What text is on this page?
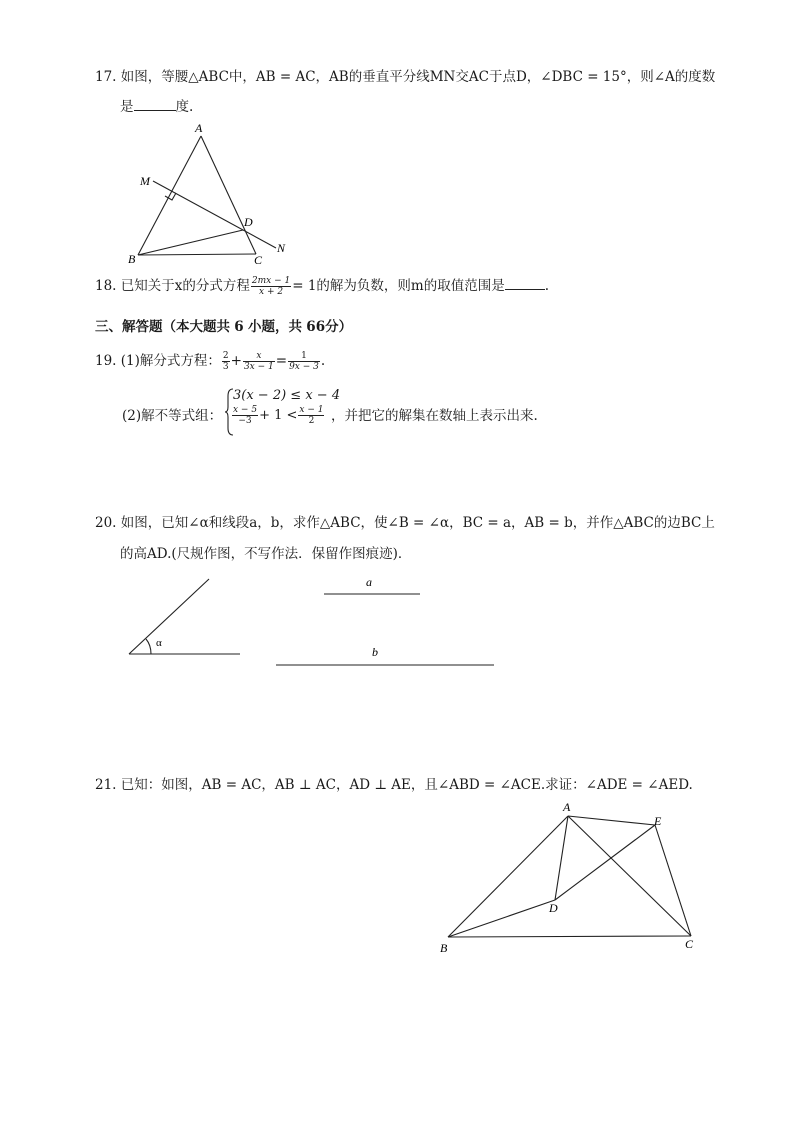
17. 如图，等腰△ABC中，AB = AC，AB的垂直平分线MN交AC于点D，∠DBC = 15°，则∠A的度数
是	度.
A
M
D
N
B	C
18. 已知关于x的分式方程 $\frac{2mx - 1}{x + 2} = 1$的解为负数，则m的取值范围是	.
三、解答题（本大题共 6 小题，共 66分）
19. (1)解分式方程： $\frac{2}{3} + \frac{x}{3x - 1} = \frac{1}{9x - 3}$ .
(2)解不等式组：
3(x − 2) ≤ x − 4
$\frac{x - 5}{-3} + 1 < \frac{x - 1}{2}$ ，并把它的解集在数轴上表示出来.
20. 如图，已知∠α和线段a，b，求作△ABC，使∠B = ∠α，BC = a，AB = b，并作△ABC的边BC上
的高AD.(尺规作图，不写作法．保留作图痕迹)．
α
a
b
21. 已知：如图，AB = AC，AB ⊥ AC，AD ⊥ AE，且∠ABD = ∠ACE.求证：∠ADE = ∠AED.
A
E
D
B	C
